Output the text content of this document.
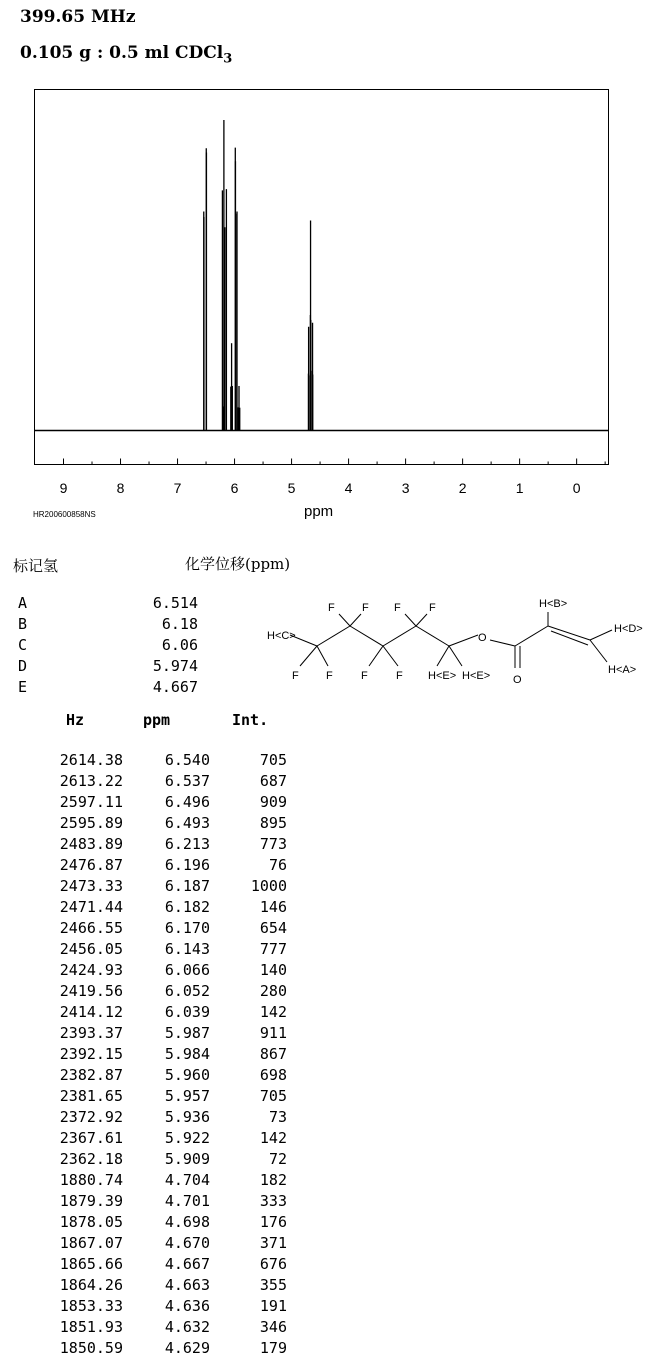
399.65 MHz
0.105 g : 0.5 ml CDCl$_3$
9	8	7	6	5	4	3	2	1	0
HR200600858NS	ppm
标记氢	化学位移(ppm)
A	6.514
B	6.18
C	6.06
D	5.974
E	4.667
H<C>
F F F	F
F F	F	F H<E> H<E>
O
O
H<B>
H<D>
H<A>
Hz	ppm	Int.
2614.38	6.540	705
2613.22	6.537	687
2597.11	6.496	909
2595.89	6.493	895
2483.89	6.213	773
2476.87	6.196	76
2473.33	6.187	1000
2471.44	6.182	146
2466.55	6.170	654
2456.05	6.143	777
2424.93	6.066	140
2419.56	6.052	280
2414.12	6.039	142
2393.37	5.987	911
2392.15	5.984	867
2382.87	5.960	698
2381.65	5.957	705
2372.92	5.936	73
2367.61	5.922	142
2362.18	5.909	72
1880.74	4.704	182
1879.39	4.701	333
1878.05	4.698	176
1867.07	4.670	371
1865.66	4.667	676
1864.26	4.663	355
1853.33	4.636	191
1851.93	4.632	346
1850.59	4.629	179
